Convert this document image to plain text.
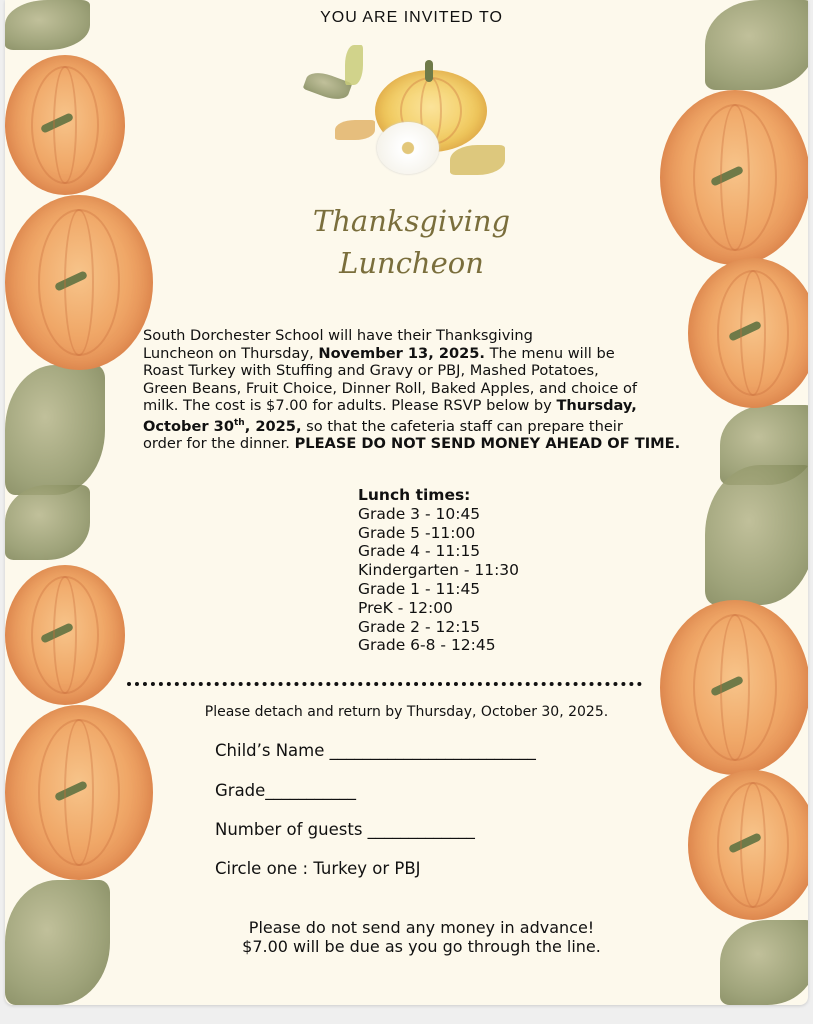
YOU ARE INVITED TO
Thanksgiving
Luncheon
South Dorchester School will have their Thanksgiving
Luncheon on Thursday, November 13, 2025. The menu will be
Roast Turkey with Stuffing and Gravy or PBJ, Mashed Potatoes,
Green Beans, Fruit Choice, Dinner Roll, Baked Apples, and choice of
milk. The cost is $7.00 for adults. Please RSVP below by Thursday,
October 30th, 2025, so that the cafeteria staff can prepare their
order for the dinner. PLEASE DO NOT SEND MONEY AHEAD OF TIME.
Lunch times:
Grade 3 - 10:45
Grade 5 -11:00
Grade 4 - 11:15
Kindergarten - 11:30
Grade 1 - 11:45
PreK - 12:00
Grade 2 - 12:15
Grade 6-8 - 12:45
Please detach and return by Thursday, October 30, 2025.
Child’s Name _________________________
Grade___________
Number of guests _____________
Circle one : Turkey or PBJ
Please do not send any money in advance!
$7.00 will be due as you go through the line.
